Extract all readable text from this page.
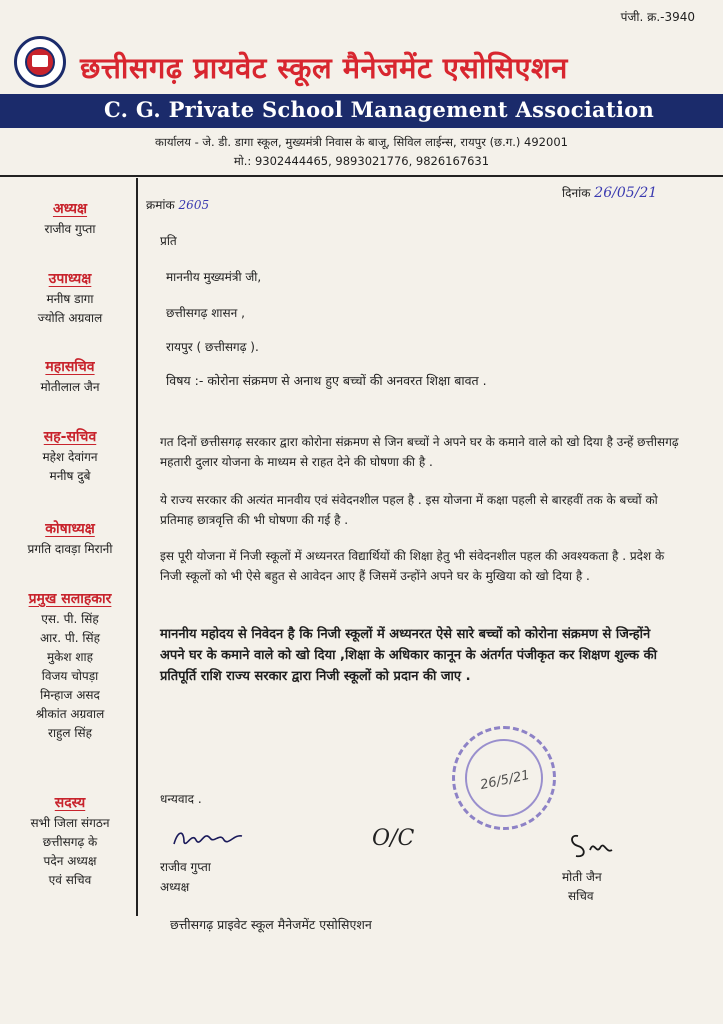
पंजी. क्र.-3940
छत्तीसगढ़ प्रायवेट स्कूल मैनेजमेंट एसोसिएशन
C. G. Private School Management Association
कार्यालय - जे. डी. डागा स्कूल, मुख्यमंत्री निवास के बाजू, सिविल लाईन्स, रायपुर (छ.ग.) 492001
मो.: 9302444465, 9893021776, 9826167631
अध्यक्ष
राजीव गुप्ता
उपाध्यक्ष
मनीष डागा
ज्योति अग्रवाल
महासचिव
मोतीलाल जैन
सह-सचिव
महेश देवांगन
मनीष दुबे
कोषाध्यक्ष
प्रगति दावड़ा मिरानी
प्रमुख सलाहकार
एस. पी. सिंह
आर. पी. सिंह
मुकेश शाह
विजय चोपड़ा
मिन्हाज असद
श्रीकांत अग्रवाल
राहुल सिंह
सदस्य
सभी जिला संगठन
छत्तीसगढ़ के
पदेन अध्यक्ष
एवं सचिव
क्रमांक 2605
दिनांक 26/05/21
प्रति
माननीय मुख्यमंत्री जी,
छत्तीसगढ़ शासन ,
रायपुर ( छत्तीसगढ़ ).
विषय :- कोरोना संक्रमण से अनाथ हुए बच्चों की अनवरत शिक्षा बावत .
गत दिनों छत्तीसगढ़ सरकार द्वारा कोरोना संक्रमण से जिन बच्चों ने अपने घर के कमाने वाले को खो दिया है उन्हें छत्तीसगढ़ महतारी दुलार योजना के माध्यम से राहत देने की घोषणा की है .
ये राज्य सरकार की अत्यंत मानवीय एवं संवेदनशील पहल है . इस योजना में कक्षा पहली से बारहवीं तक के बच्चों को प्रतिमाह छात्रवृत्ति की भी घोषणा की गई है .
इस पूरी योजना में निजी स्कूलों में अध्यनरत विद्यार्थियों की शिक्षा हेतु भी संवेदनशील पहल की अवश्यकता है . प्रदेश के निजी स्कूलों को भी ऐसे बहुत से आवेदन आए हैं जिसमें उन्होंने अपने घर के मुखिया को खो दिया है .
माननीय महोदय से निवेदन है कि निजी स्कूलों में अध्यनरत ऐसे सारे बच्चों को कोरोना संक्रमण से जिन्होंने अपने घर के कमाने वाले को खो दिया ,शिक्षा के अधिकार कानून के अंतर्गत पंजीकृत कर शिक्षण शुल्क की प्रतिपूर्ति राशि राज्य सरकार द्वारा निजी स्कूलों को प्रदान की जाए .
धन्यवाद .
राजीव गुप्ता
अध्यक्ष
O/C
26/5/21
मोती जैन
सचिव
छत्तीसगढ़ प्राइवेट स्कूल मैनेजमेंट एसोसिएशन
